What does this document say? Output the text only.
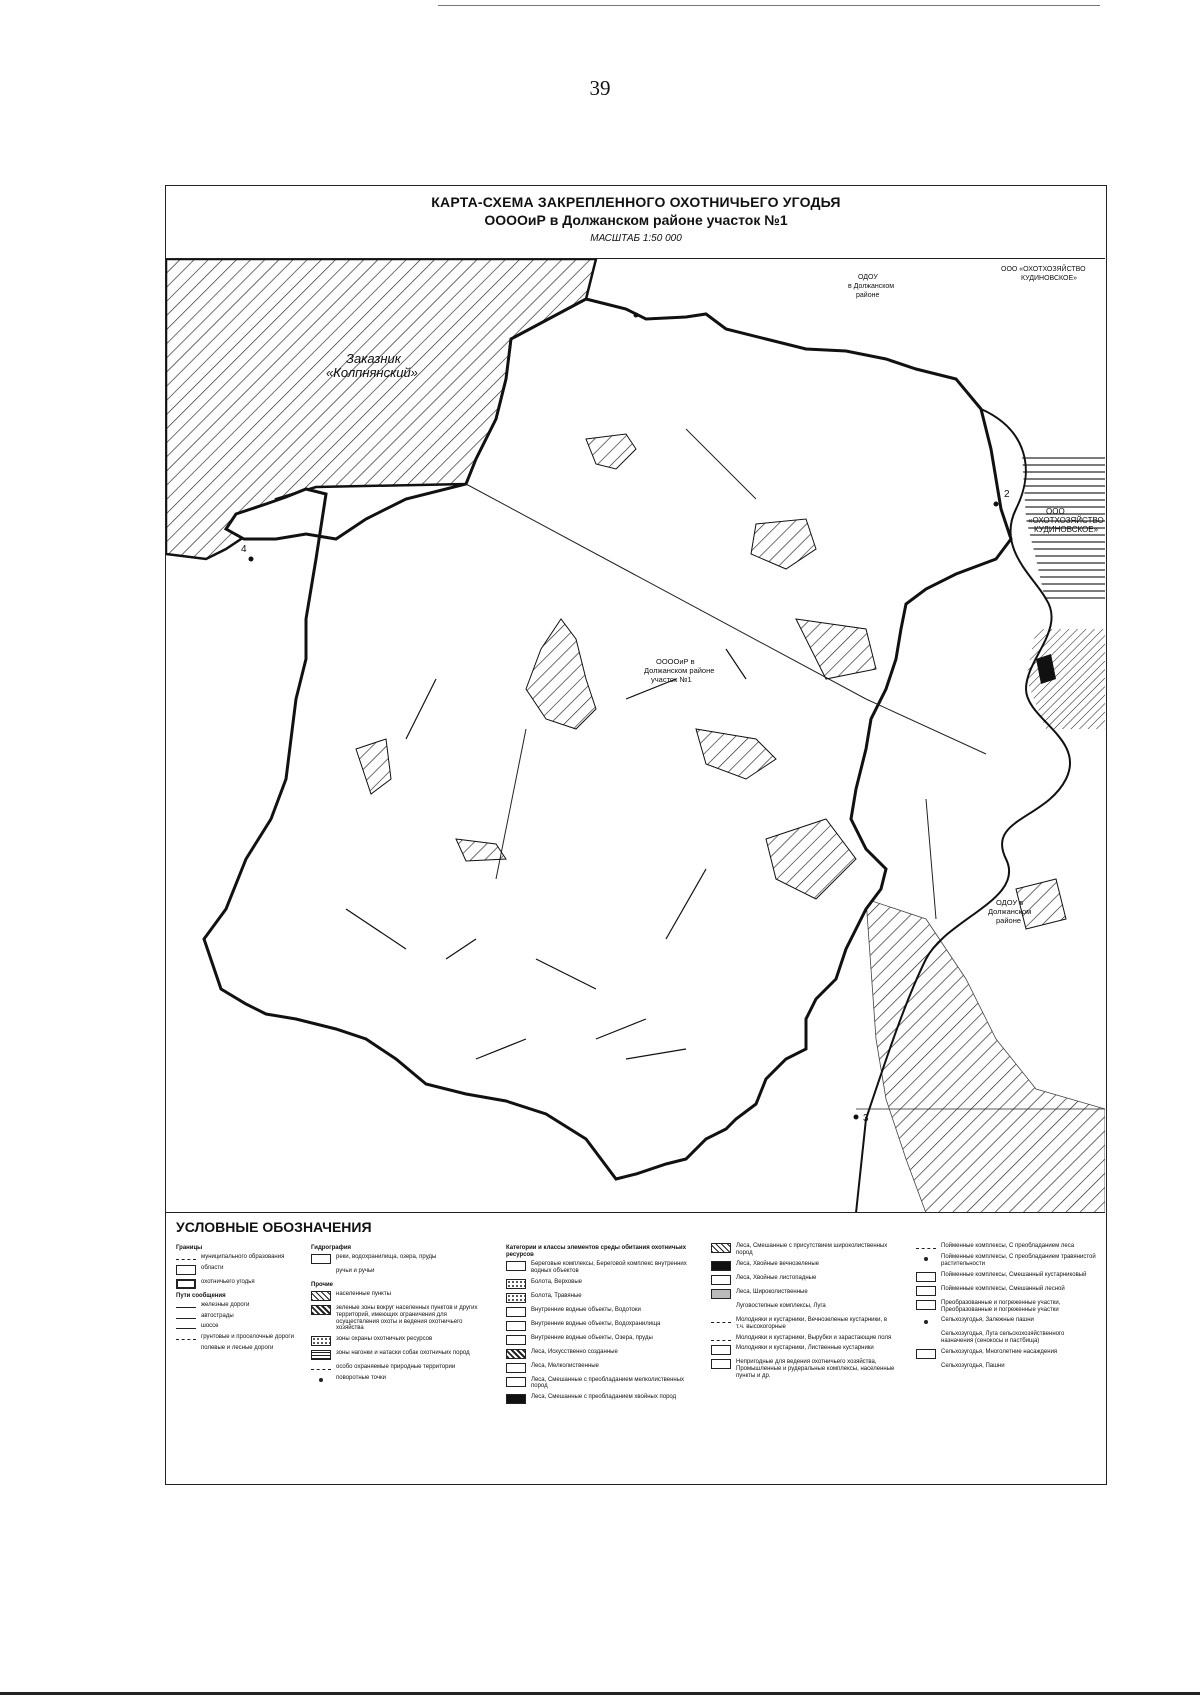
39
КАРТА-СХЕМА ЗАКРЕПЛЕННОГО ОХОТНИЧЬЕГО УГОДЬЯ
ООООиР в Должанском районе участок №1
МАСШТАБ 1:50 000
Заказник
«Колпнянский»
ОДОУ
в Должанском
районе
ООО «ОХОТХОЗЯЙСТВО
КУДИНОВСКОЕ»
ООО
«ОХОТХОЗЯЙСТВО
КУДИНОВСКОЕ»
ООООиР в
Должанском районе
участок №1
ОДОУ в
Должанском
районе
2
3
4
УСЛОВНЫЕ ОБОЗНАЧЕНИЯ
Границы
муниципального образования
области
охотничьего угодья
Пути сообщения
железные дороги
автострады
шоссе
грунтовые и проселочные дороги
полевые и лесные дороги
Гидрография
реки, водохранилища, озера, пруды
ручьи и ручьи
Прочие
населенные пункты
зеленые зоны вокруг населенных пунктов и других территорий, имеющих ограничения для осуществления охоты и ведения охотничьего хозяйства
зоны охраны охотничьих ресурсов
зоны нагонки и натаски собак охотничьих пород
особо охраняемые природные территории
поворотные точки
Категории и классы элементов среды обитания охотничьих ресурсов
Береговые комплексы, Береговой комплекс внутренних водных объектов
Болота, Верховые
Болота, Травяные
Внутренние водные объекты, Водотоки
Внутренние водные объекты, Водохранилища
Внутренние водные объекты, Озера, пруды
Леса, Искусственно созданные
Леса, Мелколиственные
Леса, Смешанные с преобладанием мелколиственных пород
Леса, Смешанные с преобладанием хвойных пород
Леса, Смешанные с присутствием широколиственных пород
Леса, Хвойные вечнозеленые
Леса, Хвойные листопадные
Леса, Широколиственные
Луговостепные комплексы, Луга
Молодняки и кустарники, Вечнозеленые кустарники, в т.ч. высокогорные
Молодняки и кустарники, Вырубки и зарастающие поля
Молодняки и кустарники, Лиственные кустарники
Непригодные для ведения охотничьего хозяйства, Промышленные и рудеральные комплексы, населенные пункты и др.
Пойменные комплексы, С преобладанием леса
Пойменные комплексы, С преобладанием травянистой растительности
Пойменные комплексы, Смешанный кустарниковый
Пойменные комплексы, Смешанный лесной
Преобразованные и погреженные участки, Преобразованные и погреженные участки
Сельхозугодья, Залежные пашни
Сельхозугодья, Луга сельскохозяйственного назначения (сенокосы и пастбища)
Сельхозугодья, Многолетние насаждения
Сельхозугодья, Пашни
